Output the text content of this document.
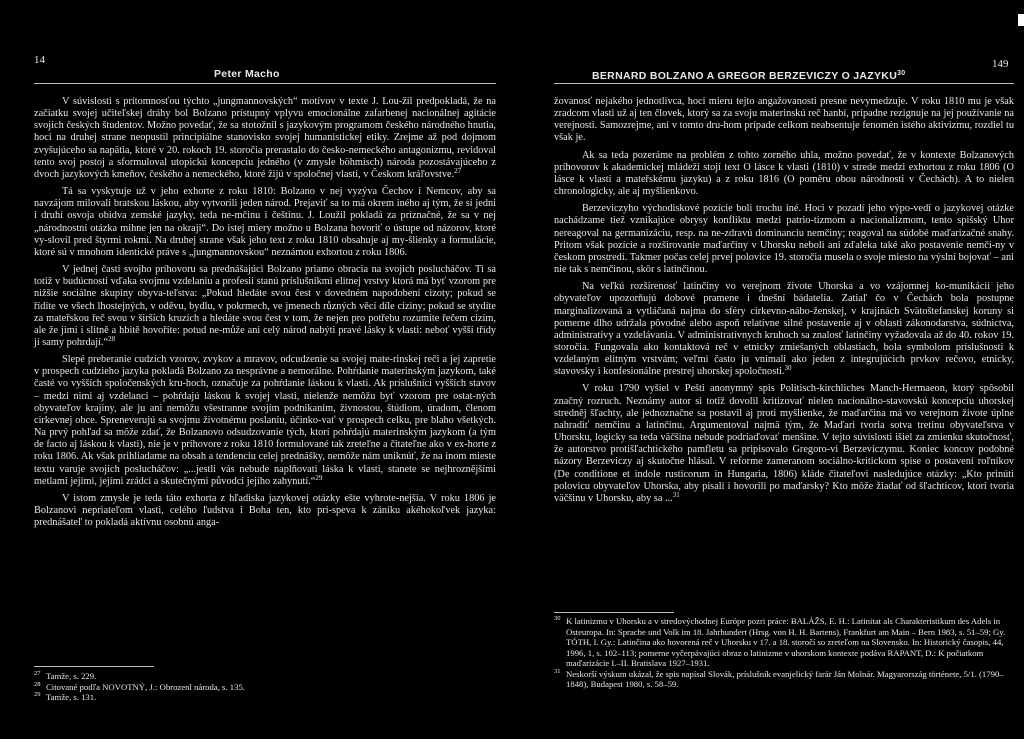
14
Peter Macho

V súvislosti s prítomnosťou týchto „jungmannovských“ motívov v texte J. Lou-žil predpokladá, že na začiatku svojej učiteľskej dráhy bol Bolzano prístupný vplyvu emocionálne zafarbenej nacionálnej agitácie svojich českých študentov. Možno povedať, že sa stotožnil s jazykovým programom českého národného hnutia, hoci na druhej strane neopustil principiálne stanovisko svojej humanistickej etiky. Zrejme až pod dojmom zvyšujúceho sa napätia, ktoré v 20. rokoch 19. storočia prerastalo do česko-nemeckého antagonizmu, revidoval tento svoj postoj a sformuloval utopickú koncepciu jedného (v zmysle böhmisch) národa pozostávajúceho z dvoch jazykových kmeňov, českého a nemeckého, ktoré žijú v spoločnej vlasti, v Českom kráľovstve.$^{27}$

Tá sa vyskytuje už v jeho exhorte z roku 1810: Bolzano v nej vyzýva Čechov i Nemcov, aby sa navzájom milovali bratskou láskou, aby vytvorili jeden národ. Prejaviť sa to má okrem iného aj tým, že si jedni i druhí osvoja obidva zemské jazyky, teda ne-mčinu i češtinu. J. Loužil pokladá za príznačné, že sa v nej „národnostní otázka mihne jen na okraji“. Do istej miery možno u Bolzana hovoriť o ústupe od názorov, ktoré vy-slovil pred štyrmi rokmi. Na druhej strane však jeho text z roku 1810 obsahuje aj my-šlienky a formulácie, ktoré sú v mnohom identické práve s „jungmannovskou“ neznámou exhortou z roku 1806.

V jednej časti svojho príhovoru sa prednášajúci Bolzano priamo obracia na svojich poslucháčov. Ti sa totiž v budúcnosti vďaka svojmu vzdelaniu a profesii stanú príslušníkmi elitnej vrstvy ktorá má byť vzorom pre nižšie sociálne skupiny obyva-teľstva: „Pokud hledáte svou čest v dovedném napodobení cizoty; pokud se řídíte ve všech lhostejných, v oděvu, bydlu, v pokrmech, ve jmenech různých věcí díle ciziny; pokud se stydíte za mateřskou řeč svou v širších kruzích a hledáte svou čest v tom, že nejen pro potřebu rozumíte řečem cizím, ale že jimi i slitně a hbitě hovoříte: potud ne-může ani celý národ nabýti pravé lásky k vlasti: neboť vyšší třídy jí samy pohrdají.“$^{28}$

Slepé preberanie cudzích vzorov, zvykov a mravov, odcudzenie sa svojej mate-rinskej reči a jej zapretie v prospech cudzieho jazyka pokladá Bolzano za nesprávne a nemorálne. Pohŕdanie materinským jazykom, také časté vo vyšších spoločenských kru-hoch, označuje za pohŕdanie láskou k vlasti. Ak príslušníci vyšších stavov – medzi nimi aj vzdelanci – pohŕdajú láskou k svojej vlasti, nielenže nemôžu byť vzorom pre ostat-ných obyvateľov krajiny, ale ju ani nemôžu všestranne svojím podnikaním, živnostou, štúdiom, úradom, členom cirkevnej obce. Spreneverujú sa svojmu životnému poslaniu, účinko-vať v prospech celku, pre blaho všetkých. Na prvý pohľad sa môže zdať, že Bolzanovo odsudzovanie tých, ktorí pohŕdajú materinským jazykom (a tým de facto aj láskou k vlasti), nie je v príhovore z roku 1810 formulované tak zreteľne a čitateľne ako v ex-horte z roku 1806. Ak však prihliadame na obsah a tendenciu celej prednášky, nemôže nám uniknúť, že na inom mieste textu varuje svojich poslucháčov: „...jestli vás nebude naplňovati láska k vlasti, stanete se nejhroznějšími metlami jejími, jejími zrádci a skutečnými původci jejího zahynutí.“$^{29}$

V istom zmysle je teda táto exhorta z hľadiska jazykovej otázky ešte vyhrote-nejšia. V roku 1806 je Bolzanovi nepriateľom vlasti, celého ľudstva i Boha ten, kto pri-speva k zániku akéhokoľvek jazyka: prednášateľ to pokladá aktívnu osobnú anga-

$^{27}$ Tamže, s. 229.
$^{28}$ Citované podľa NOVOTNÝ, J.: Obrozenl národa, s. 135.
$^{29}$ Tamže, s. 131.
149
BERNARD BOLZANO A GREGOR BERZEVICZY O JAZYKU$^{30}$

žovanosť nejakého jednotlivca, hoci mieru tejto angažovanosti presne nevymedzuje. V roku 1810 mu je však zradcom vlasti už aj ten človek, ktorý sa za svoju materinskú reč hanbí, prípadne rezignuje na jej používanie na verejnosti. Samozrejme, ani v tomto dru-hom prípade celkom neabsentuje fenomén istého aktivizmu, rozdiel tu však je.

Ak sa teda pozeráme na problém z tohto zorného uhla, možno povedať, že v kontexte Bolzanových príhovorov k akademickej mládeži stojí text O lásce k vlasti (1810) v strede medzi exhortou z roku 1806 (O lásce k vlasti a mateřskému jazyku) a z roku 1816 (O poměru obou národnosti v Čechách). A to nielen chronologicky, ale aj myšlienkovo.

Berzeviczyho východiskové pozície boli trochu iné. Hoci v pozadí jeho výpo-vedí o jazykovej otázke nachádzame tiež vznikajúce obrysy konfliktu medzi patrio-tizmom a nacionalizmom, tento spišský Uhor nereagoval na germanizáciu, resp. na ne-zdravú dominanciu nemčiny; reagoval na súdobé maďarizačné snahy. Pritom však pozície a rozširovanie maďarčiny v Uhorsku neboli ani zďaleka také ako postavenie nemči-ny v českom prostredí. Takmer počas celej prvej polovice 19. storočia musela o svoje miesto na výslní bojovať – ani nie tak s nemčinou, skôr s latinčinou.

Na veľkú rozšírenosť latinčiny vo verejnom živote Uhorska a vo vzájomnej ko-munikácii jeho obyvateľov upozorňujú dobové pramene i dnešní bádatelia. Zatiaľ čo v Čechách bola postupne marginalizovaná a vytláčaná najma do sféry cirkevno-nábo-ženskej, v krajinách Svätoštefanskej koruny si pomerne dlho udržala pôvodné alebo aspoň relatívne silné postavenie aj v oblasti zákonodarstva, súdnictva, administratívy a vzdelávania. V administratívnych kruhoch sa znalosť latinčiny vyžadovala až do 40. rokov 19. storočia. Fungovala ako kontaktová reč v etnicky zmiešaných oblastiach, bola symbolom príslušnosti k vzdelaným elitným vrstvám; veľmi často ju vnímali ako jeden z integrujúcich prvkov rečovo, etnicky, stavovsky i konfesionálne prestrej uhorskej spoločnosti.$^{30}$

V roku 1790 vyšiel v Pešti anonymný spis Politisch-kirchliches Manch-Hermaeon, ktorý spôsobil značný rozruch. Neznámy autor si totiž dovolil kritizovať nielen nacionálno-stavovskú koncepciu uhorskej stredněj šľachty, ale jednoznačne sa postavil aj proti myšlienke, že maďarčina má vo verejnom živote úplne nahradiť nemčinu a latinčinu. Argumentoval najmä tým, že Maďari tvoria sotva tretinu obyvateľstva v Uhorsku, logicky sa teda väčšina nebude podriaďovať menšine. V tejto súvislosti išiel za zmienku skutočnosť, že autorstvo protišľachtického pamfletu sa pripisovalo Gregoro-vi Berzeviczymu. Koniec koncov podobné názory Berzeviczy aj skutočne hlásal. V reforme zameranom sociálno-kritickom spise o postavení roľníkov (De conditione et indole rusticorum in Hungaria, 1806) kláde čitateľovi nasledujúce otázky: „Kto prinúti polovicu obyvateľov Uhorska, aby písali i hovorili po maďarsky? Kto môže žiadať od šľachticov, ktorí tvoria väčšinu v Uhorsku, aby sa ...$^{31}$

$^{30}$ K latinizmu v Uhorsku a v stredovýchodnej Európe pozri práce: BALÁŽS, E. H.: Latinitat als Charakteristikum des Adels in Osteuropa. In: Sprache und Volk im 18. Jahrhundert (Hrsg. von H. H. Bartens), Frankfurt am Main – Bern 1983, s. 51–59; Gy. TÓTH, I. Gy.: Latinčina ako hovorená reč v Uhorsku v 17. a 18. storočí so zreteľom na Slovensko. In: Historický časopis, 44, 1996, 1, s. 102–113; pomerne vyčerpávajúci obraz o latinizme v uhorskom kontexte podáva RAPANT, D.: K počiatkom maďarizácie I.–II. Bratislava 1927–1931.
$^{31}$ Neskorší výskum ukázal, že spis napísal Slovák, príslušník evanjelický farár Ján Molnár. Magyarország története, 5/1. (1790–1848), Budapest 1980, s. 58–59.
